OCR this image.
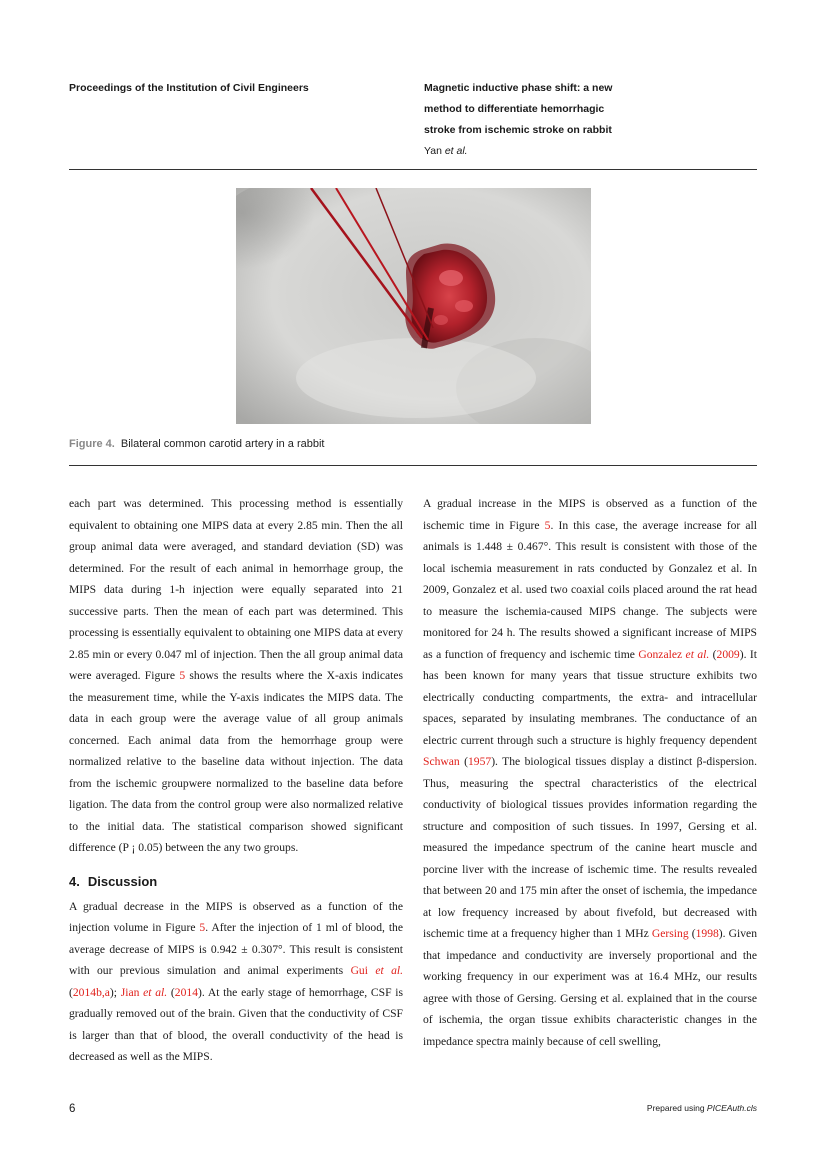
Proceedings of the Institution of Civil Engineers	Magnetic inductive phase shift: a new
method to differentiate hemorrhagic
stroke from ischemic stroke on rabbit
Yan et al.
Figure 4. Bilateral common carotid artery in a rabbit

each part was determined. This processing method is essentially equivalent to obtaining one MIPS data at every 2.85 min. Then the all group animal data were averaged, and standard deviation (SD) was determined. For the result of each animal in hemorrhage group, the MIPS data during 1-h injection were equally separated into 21 successive parts. Then the mean of each part was determined. This processing is essentially equivalent to obtaining one MIPS data at every 2.85 min or every 0.047 ml of injection. Then the all group animal data were averaged. Figure 5 shows the results where the X-axis indicates the measurement time, while the Y-axis indicates the MIPS data. The data in each group were the average value of all group animals concerned. Each animal data from the hemorrhage group were normalized relative to the baseline data without injection. The data from the ischemic groupwere normalized to the baseline data before ligation. The data from the control group were also normalized relative to the initial data. The statistical comparison showed significant difference (P ¡ 0.05) between the any two groups.

4. Discussion

A gradual decrease in the MIPS is observed as a function of the injection volume in Figure 5. After the injection of 1 ml of blood, the average decrease of MIPS is 0.942 ± 0.307°. This result is consistent with our previous simulation and animal experiments Gui et al. (2014b,a); Jian et al. (2014). At the early stage of hemorrhage, CSF is gradually removed out of the brain. Given that the conductivity of CSF is larger than that of blood, the overall conductivity of the head is decreased as well as the MIPS.

A gradual increase in the MIPS is observed as a function of the ischemic time in Figure 5. In this case, the average increase for all animals is 1.448 ± 0.467°. This result is consistent with those of the local ischemia measurement in rats conducted by Gonzalez et al. In 2009, Gonzalez et al. used two coaxial coils placed around the rat head to measure the ischemia-caused MIPS change. The subjects were monitored for 24 h. The results showed a significant increase of MIPS as a function of frequency and ischemic time Gonzalez et al. (2009). It has been known for many years that tissue structure exhibits two electrically conducting compartments, the extra- and intracellular spaces, separated by insulating membranes. The conductance of an electric current through such a structure is highly frequency dependent Schwan (1957). The biological tissues display a distinct β-dispersion. Thus, measuring the spectral characteristics of the electrical conductivity of biological tissues provides information regarding the structure and composition of such tissues. In 1997, Gersing et al. measured the impedance spectrum of the canine heart muscle and porcine liver with the increase of ischemic time. The results revealed that between 20 and 175 min after the onset of ischemia, the impedance at low frequency increased by about fivefold, but decreased with ischemic time at a frequency higher than 1 MHz Gersing (1998). Given that impedance and conductivity are inversely proportional and the working frequency in our experiment was at 16.4 MHz, our results agree with those of Gersing. Gersing et al. explained that in the course of ischemia, the organ tissue exhibits characteristic changes in the impedance spectra mainly because of cell swelling,

6	Prepared using PICEAuth.cls
